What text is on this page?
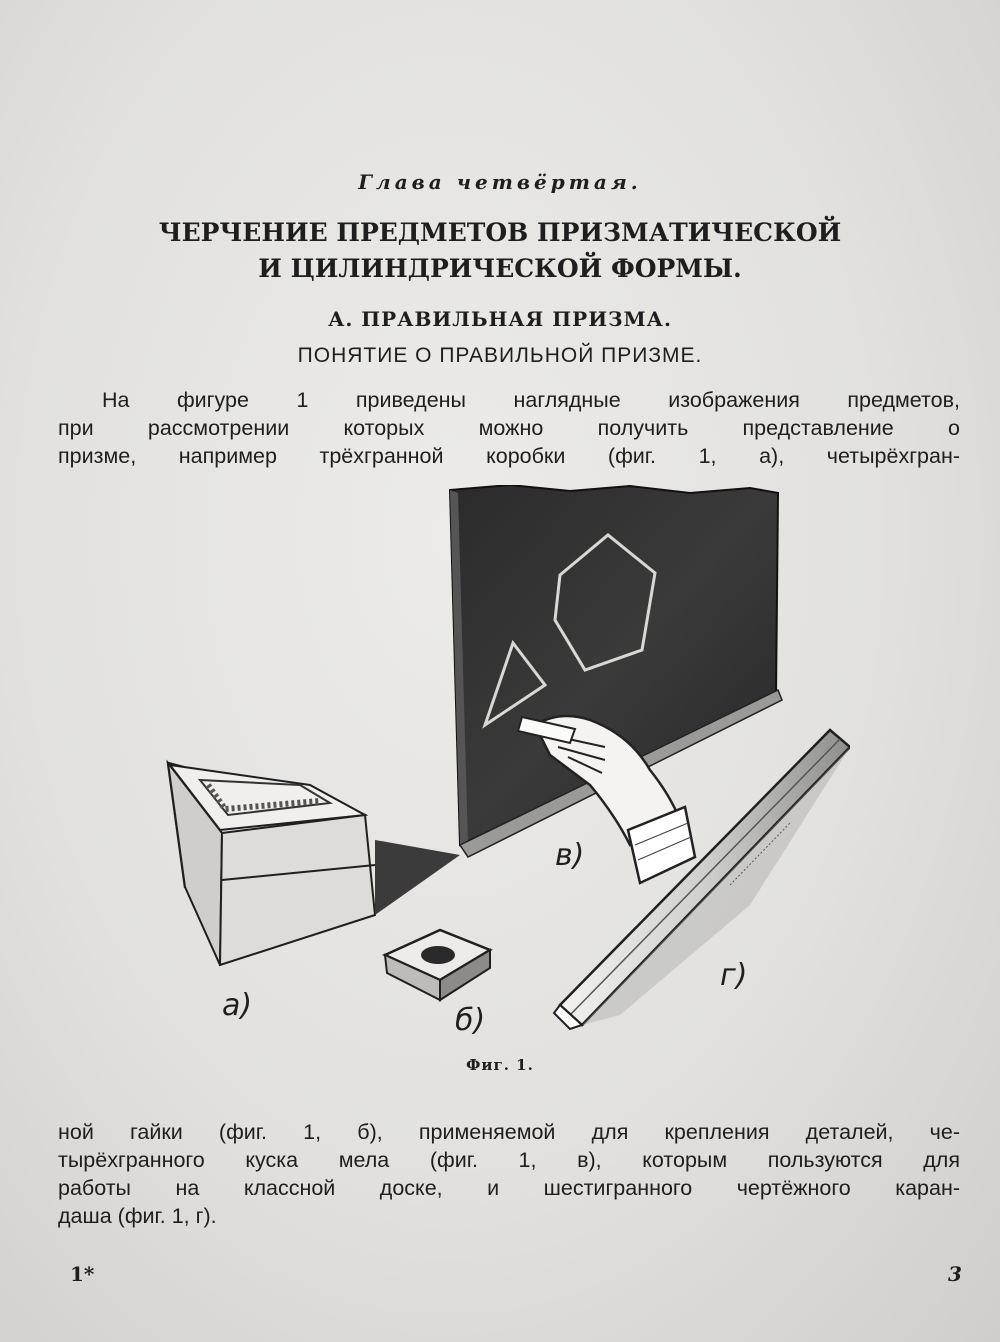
Глава четвёртая.
ЧЕРЧЕНИЕ ПРЕДМЕТОВ ПРИЗМАТИЧЕСКОЙ
И ЦИЛИНДРИЧЕСКОЙ ФОРМЫ.
А. ПРАВИЛЬНАЯ ПРИЗМА.
ПОНЯТИЕ О ПРАВИЛЬНОЙ ПРИЗМЕ.
На фигуре 1 приведены наглядные изображения предметов,
при рассмотрении которых можно получить представление о
призме, например трёхгранной коробки (фиг. 1, а), четырёхгран-
а)	б)
в)
г)
Фиг. 1.
ной гайки (фиг. 1, б), применяемой для крепления деталей, че-
тырёхгранного куска мела (фиг. 1, в), которым пользуются для
работы на классной доске, и шестигранного чертёжного каран-
даша (фиг. 1, г).
1*	3
